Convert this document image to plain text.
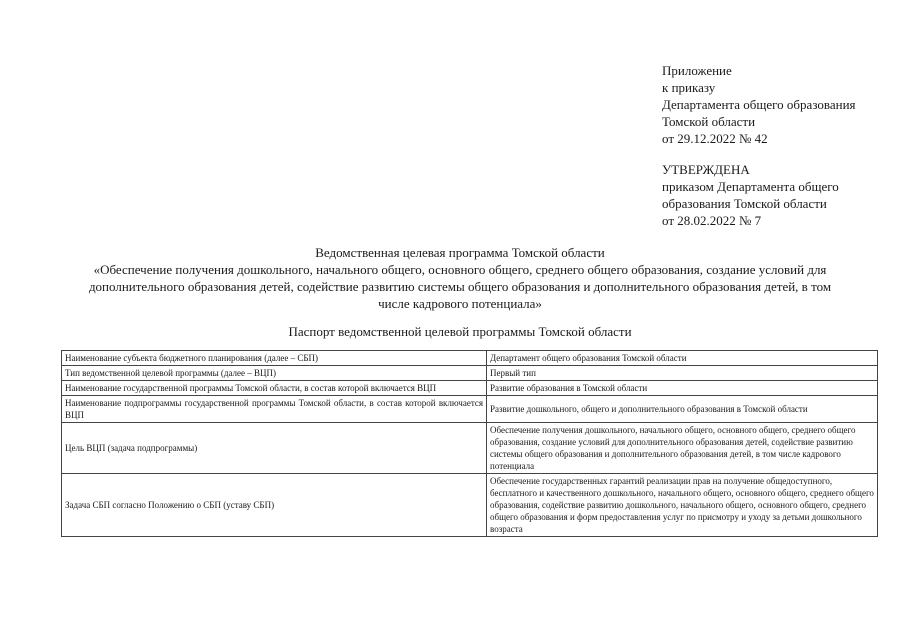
Приложение
к приказу
Департамента общего образования
Томской области
от 29.12.2022 № 42
УТВЕРЖДЕНА
приказом Департамента общего
образования Томской области
от 28.02.2022 № 7
Ведомственная целевая программа Томской области
«Обеспечение получения дошкольного, начального общего, основного общего, среднего общего образования, создание условий для
дополнительного образования детей, содействие развитию системы общего образования и дополнительного образования детей, в том
числе кадрового потенциала»
Паспорт ведомственной целевой программы Томской области
Наименование субъекта бюджетного планирования (далее – СБП)	Департамент общего образования Томской области
Тип ведомственной целевой программы (далее – ВЦП)	Первый тип
Наименование государственной программы Томской области, в состав которой включается ВЦП	Развитие образования в Томской области
Наименование подпрограммы государственной программы Томской области, в состав которой включается ВЦП	Развитие дошкольного, общего и дополнительного образования в Томской области
Цель ВЦП (задача подпрограммы)	Обеспечение получения дошкольного, начального общего, основного общего, среднего общего образования, создание условий для дополнительного образования детей, содействие развитию системы общего образования и дополнительного образования детей, в том числе кадрового потенциала
Задача СБП согласно Положению о СБП (уставу СБП)	Обеспечение государственных гарантий реализации прав на получение общедоступного, бесплатного и качественного дошкольного, начального общего, основного общего, среднего общего образования, содействие развитию дошкольного, начального общего, основного общего, среднего общего образования и форм предоставления услуг по присмотру и уходу за детьми дошкольного возраста
